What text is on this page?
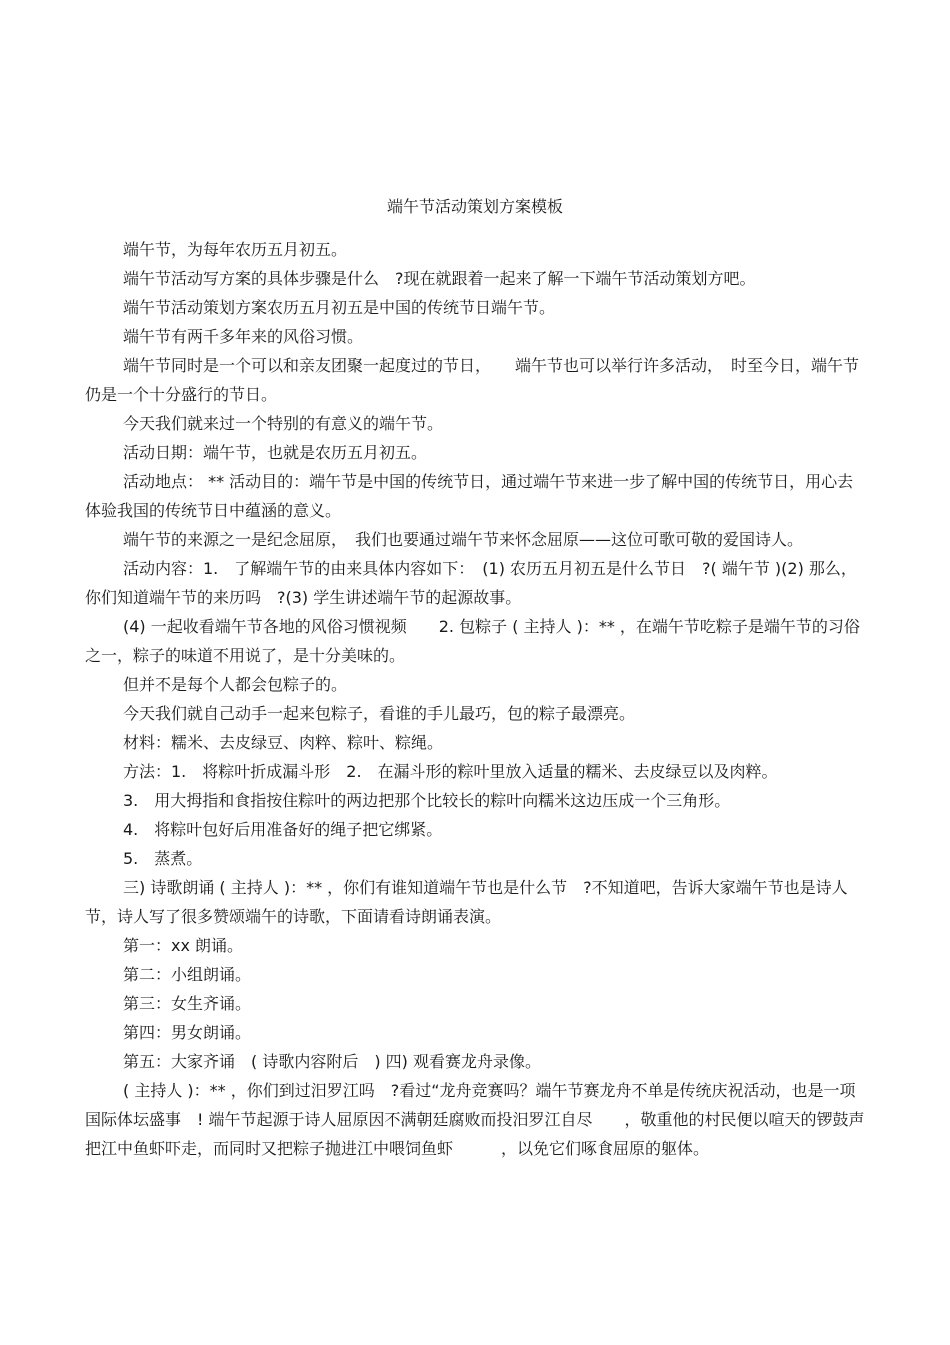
端午节活动策划方案模板

端午节，为每年农历五月初五。

端午节活动写方案的具体步骤是什么　?现在就跟着一起来了解一下端午节活动策划方吧。

端午节活动策划方案农历五月初五是中国的传统节日端午节。

端午节有两千多年来的风俗习惯。

端午节同时是一个可以和亲友团聚一起度过的节日，　　端午节也可以举行许多活动，　时至今日，端午节仍是一个十分盛行的节日。

今天我们就来过一个特别的有意义的端午节。

活动日期：端午节，也就是农历五月初五。

活动地点： ** 活动目的：端午节是中国的传统节日，通过端午节来进一步了解中国的传统节日，用心去体验我国的传统节日中蕴涵的意义。

端午节的来源之一是纪念屈原，　我们也要通过端午节来怀念屈原——这位可歌可敬的爱国诗人。

活动内容：1.　了解端午节的由来具体内容如下：　(1) 农历五月初五是什么节日　?( 端午节 )(2) 那么，你们知道端午节的来历吗　?(3) 学生讲述端午节的起源故事。

(4) 一起收看端午节各地的风俗习惯视频　　2. 包粽子 ( 主持人 )：** ，在端午节吃粽子是端午节的习俗之一，粽子的味道不用说了，是十分美味的。

但并不是每个人都会包粽子的。

今天我们就自己动手一起来包粽子，看谁的手儿最巧，包的粽子最漂亮。

材料：糯米、去皮绿豆、肉粹、粽叶、粽绳。

方法：1.　将粽叶折成漏斗形　2.　在漏斗形的粽叶里放入适量的糯米、去皮绿豆以及肉粹。

3.　用大拇指和食指按住粽叶的两边把那个比较长的粽叶向糯米这边压成一个三角形。

4.　将粽叶包好后用准备好的绳子把它绑紧。

5.　蒸煮。

三) 诗歌朗诵 ( 主持人 )：** ，你们有谁知道端午节也是什么节　?不知道吧，告诉大家端午节也是诗人节，诗人写了很多赞颂端午的诗歌，下面请看诗朗诵表演。

第一：xx 朗诵。

第二：小组朗诵。

第三：女生齐诵。

第四：男女朗诵。

第五：大家齐诵　( 诗歌内容附后　) 四) 观看赛龙舟录像。

( 主持人 )：** ，你们到过汨罗江吗　?看过“龙舟竞赛吗？端午节赛龙舟不单是传统庆祝活动，也是一项国际体坛盛事　! 端午节起源于诗人屈原因不满朝廷腐败而投汨罗江自尽　　，敬重他的村民便以喧天的锣鼓声把江中鱼虾吓走，而同时又把粽子抛进江中喂饲鱼虾　　　，以免它们啄食屈原的躯体。
